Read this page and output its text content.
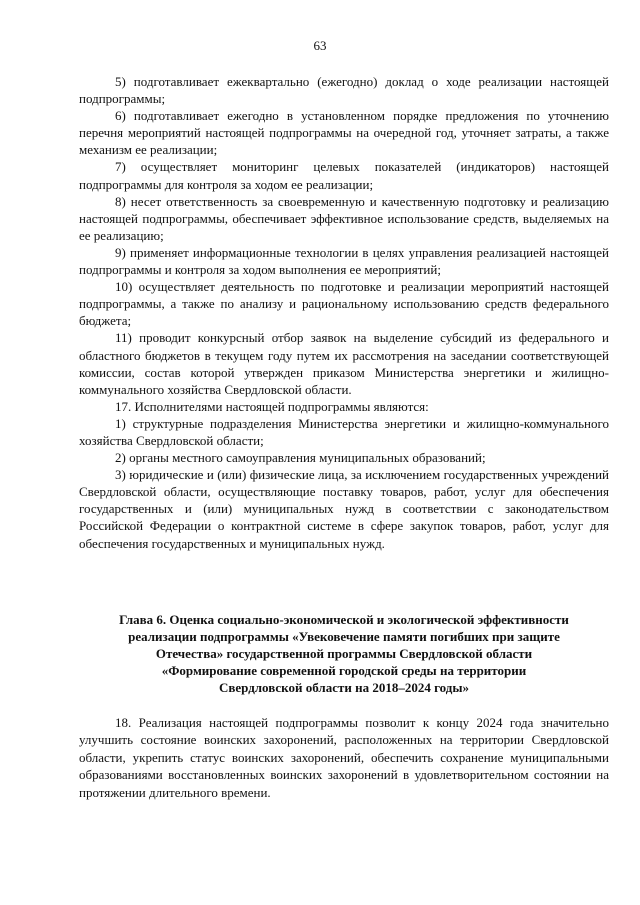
63

5) подготавливает ежеквартально (ежегодно) доклад о ходе реализации настоящей подпрограммы;

6) подготавливает ежегодно в установленном порядке предложения по уточнению перечня мероприятий настоящей подпрограммы на очередной год, уточняет затраты, а также механизм ее реализации;

7) осуществляет мониторинг целевых показателей (индикаторов) настоящей подпрограммы для контроля за ходом ее реализации;

8) несет ответственность за своевременную и качественную подготовку и реализацию настоящей подпрограммы, обеспечивает эффективное использование средств, выделяемых на ее реализацию;

9) применяет информационные технологии в целях управления реализацией настоящей подпрограммы и контроля за ходом выполнения ее мероприятий;

10) осуществляет деятельность по подготовке и реализации мероприятий настоящей подпрограммы, а также по анализу и рациональному использованию средств федерального бюджета;

11) проводит конкурсный отбор заявок на выделение субсидий из федерального и областного бюджетов в текущем году путем их рассмотрения на заседании соответствующей комиссии, состав которой утвержден приказом Министерства энергетики и жилищно-коммунального хозяйства Свердловской области.

17. Исполнителями настоящей подпрограммы являются:

1) структурные подразделения Министерства энергетики и жилищно-коммунального хозяйства Свердловской области;

2) органы местного самоуправления муниципальных образований;

3) юридические и (или) физические лица, за исключением государственных учреждений Свердловской области, осуществляющие поставку товаров, работ, услуг для обеспечения государственных и (или) муниципальных нужд в соответствии с законодательством Российской Федерации о контрактной системе в сфере закупок товаров, работ, услуг для обеспечения государственных и муниципальных нужд.

Глава 6. Оценка социально-экономической и экологической эффективности
реализации подпрограммы «Увековечение памяти погибших при защите
Отечества» государственной программы Свердловской области
«Формирование современной городской среды на территории
Свердловской области на 2018–2024 годы»

18. Реализация настоящей подпрограммы позволит к концу 2024 года значительно улучшить состояние воинских захоронений, расположенных на территории Свердловской области, укрепить статус воинских захоронений, обеспечить сохранение муниципальными образованиями восстановленных воинских захоронений в удовлетворительном состоянии на протяжении длительного времени.
